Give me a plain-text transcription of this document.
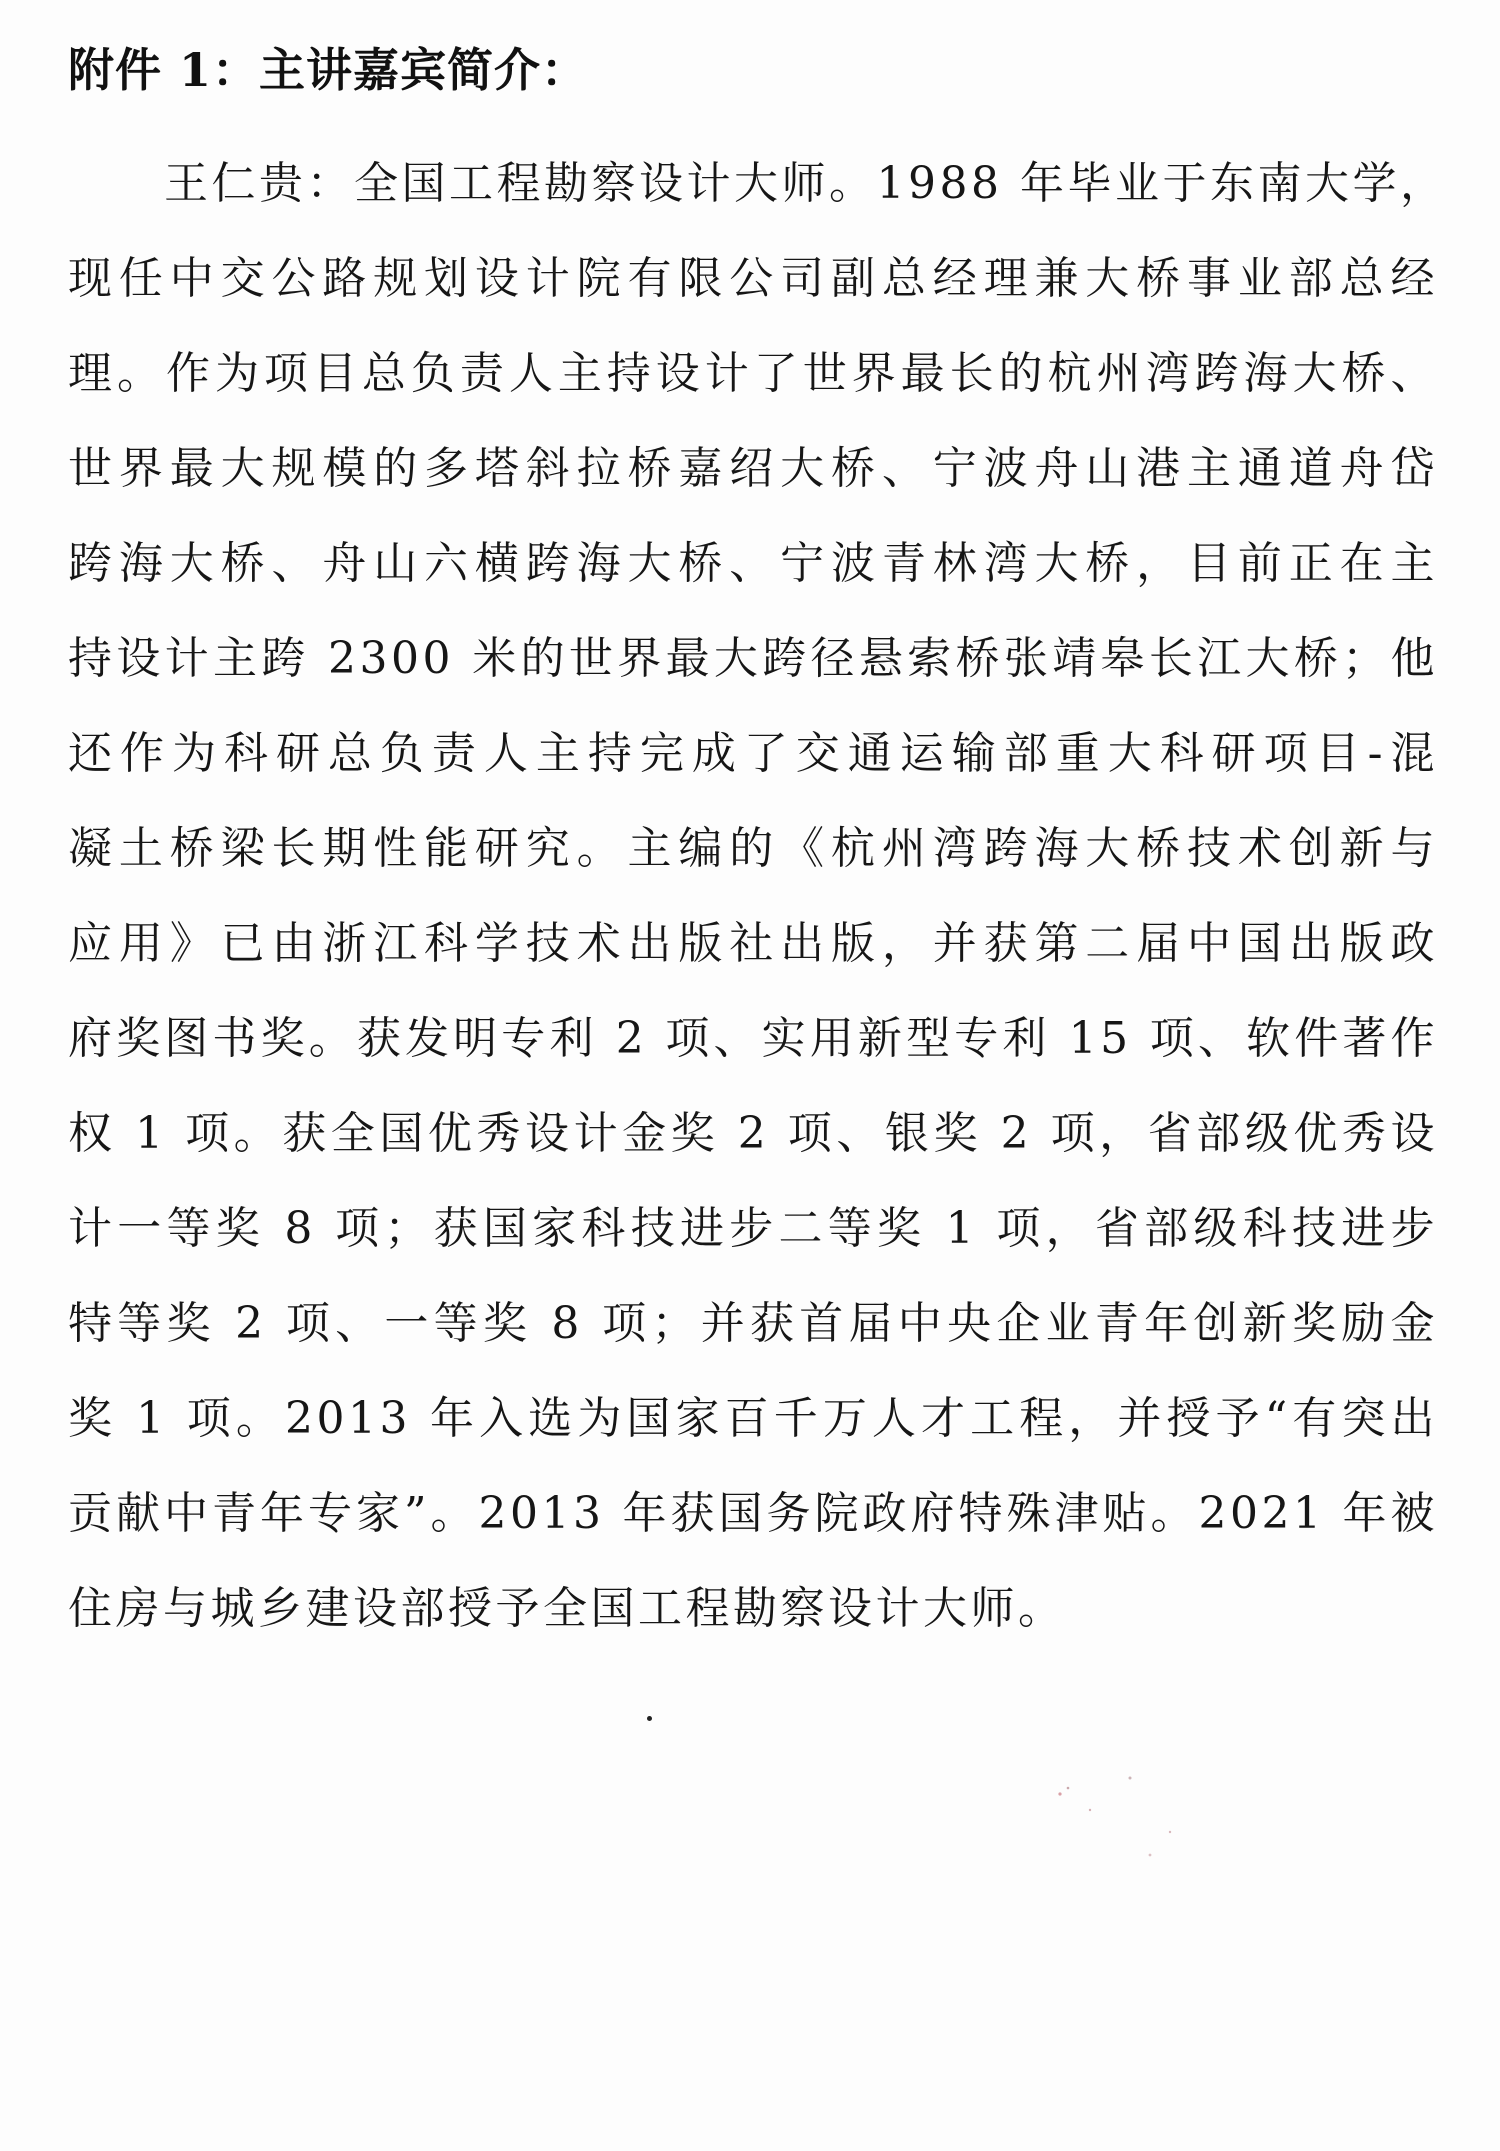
附件 1：主讲嘉宾简介：
王仁贵：全国工程勘察设计大师。1988 年毕业于东南大学，
现任中交公路规划设计院有限公司副总经理兼大桥事业部总经
理。作为项目总负责人主持设计了世界最长的杭州湾跨海大桥、
世界最大规模的多塔斜拉桥嘉绍大桥、宁波舟山港主通道舟岱
跨海大桥、舟山六横跨海大桥、宁波青林湾大桥，目前正在主
持设计主跨 2300 米的世界最大跨径悬索桥张靖皋长江大桥；他
还作为科研总负责人主持完成了交通运输部重大科研项目-混
凝土桥梁长期性能研究。主编的《杭州湾跨海大桥技术创新与
应用》已由浙江科学技术出版社出版，并获第二届中国出版政
府奖图书奖。获发明专利 2 项、实用新型专利 15 项、软件著作
权 1 项。获全国优秀设计金奖 2 项、银奖 2 项，省部级优秀设
计一等奖 8 项；获国家科技进步二等奖 1 项，省部级科技进步
特等奖 2 项、一等奖 8 项；并获首届中央企业青年创新奖励金
奖 1 项。2013 年入选为国家百千万人才工程，并授予“有突出
贡献中青年专家”。2013 年获国务院政府特殊津贴。2021 年被
住房与城乡建设部授予全国工程勘察设计大师。
